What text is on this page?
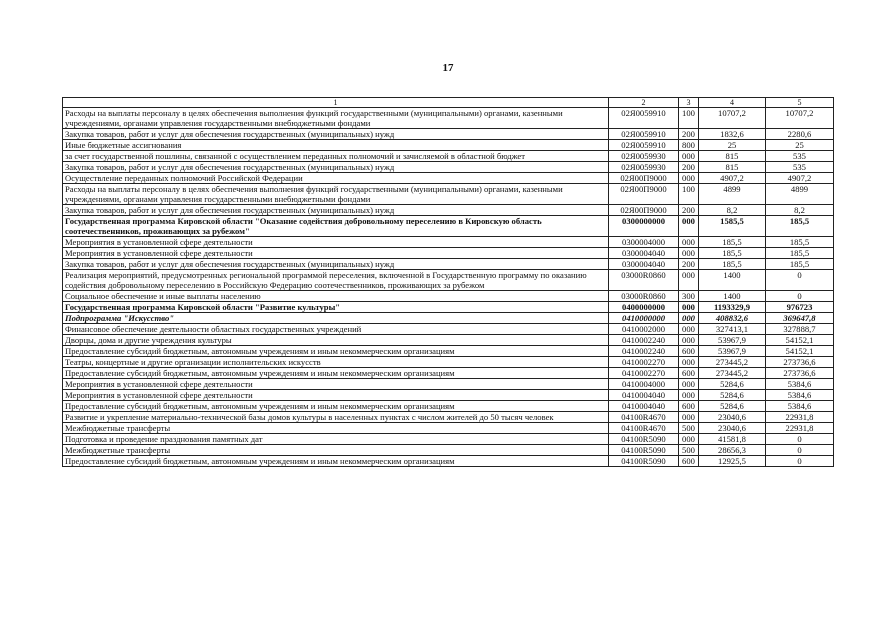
17
1	2	3	4	5
Расходы на выплаты персоналу в целях обеспечения выполнения функций государственными (муниципальными) органами, казенными учреждениями, органами управления государственными внебюджетными фондами	02Я0059910	100	10707,2	10707,2
Закупка товаров, работ и услуг для обеспечения государственных (муниципальных) нужд	02Я0059910	200	1832,6	2280,6
Иные бюджетные ассигнования	02Я0059910	800	25	25
за счет государственной пошлины, связанной с осуществлением переданных полномочий и зачисляемой в областной бюджет	02Я0059930	000	815	535
Закупка товаров, работ и услуг для обеспечения государственных (муниципальных) нужд	02Я0059930	200	815	535
Осуществление переданных полномочий Российской Федерации	02Я00П9000	000	4907,2	4907,2
Расходы на выплаты персоналу в целях обеспечения выполнения функций государственными (муниципальными) органами, казенными учреждениями, органами управления государственными внебюджетными фондами	02Я00П9000	100	4899	4899
Закупка товаров, работ и услуг для обеспечения государственных (муниципальных) нужд	02Я00П9000	200	8,2	8,2
Государственная программа Кировской области "Оказание содействия добровольному переселению в Кировскую область соотечественников, проживающих за рубежом"	0300000000	000	1585,5	185,5
Мероприятия в установленной сфере деятельности	0300004000	000	185,5	185,5
Мероприятия в установленной сфере деятельности	0300004040	000	185,5	185,5
Закупка товаров, работ и услуг для обеспечения государственных (муниципальных) нужд	0300004040	200	185,5	185,5
Реализация мероприятий, предусмотренных региональной программой переселения, включенной в Государственную программу по оказанию содействия добровольному переселению в Российскую Федерацию соотечественников, проживающих за рубежом	03000R0860	000	1400	0
Социальное обеспечение и иные выплаты населению	03000R0860	300	1400	0
Государственная программа Кировской области "Развитие культуры"	0400000000	000	1193329,9	976723
Подпрограмма "Искусство"	0410000000	000	408832,6	369647,8
Финансовое обеспечение деятельности областных государственных учреждений	0410002000	000	327413,1	327888,7
Дворцы, дома и другие учреждения культуры	0410002240	000	53967,9	54152,1
Предоставление субсидий бюджетным, автономным учреждениям и иным некоммерческим организациям	0410002240	600	53967,9	54152,1
Театры, концертные и другие организации исполнительских искусств	0410002270	000	273445,2	273736,6
Предоставление субсидий бюджетным, автономным учреждениям и иным некоммерческим организациям	0410002270	600	273445,2	273736,6
Мероприятия в установленной сфере деятельности	0410004000	000	5284,6	5384,6
Мероприятия в установленной сфере деятельности	0410004040	000	5284,6	5384,6
Предоставление субсидий бюджетным, автономным учреждениям и иным некоммерческим организациям	0410004040	600	5284,6	5384,6
Развитие и укрепление материально-технической базы домов культуры в населенных пунктах с числом жителей до 50 тысяч человек	04100R4670	000	23040,6	22931,8
Межбюджетные трансферты	04100R4670	500	23040,6	22931,8
Подготовка и проведение празднования памятных дат	04100R5090	000	41581,8	0
Межбюджетные трансферты	04100R5090	500	28656,3	0
Предоставление субсидий бюджетным, автономным учреждениям и иным некоммерческим организациям	04100R5090	600	12925,5	0
